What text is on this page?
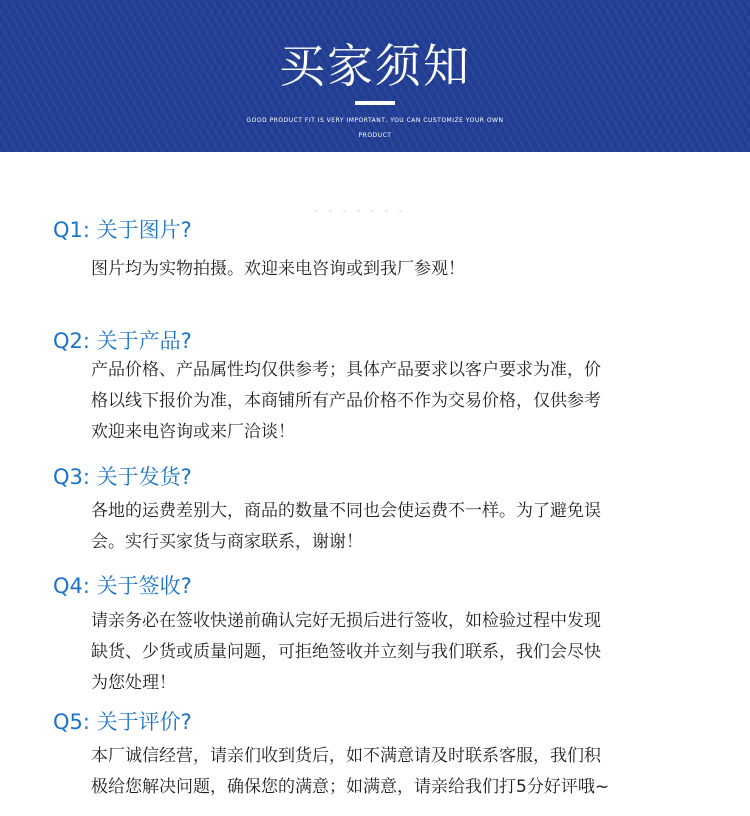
买家须知
GOOD PRODUCT FIT IS VERY IMPORTANT, YOU CAN CUSTOMIZE YOUR OWN
PRODUCT
Q1: 关于图片?
图片均为实物拍摄。欢迎来电咨询或到我厂参观！
Q2: 关于产品?
产品价格、产品属性均仅供参考；具体产品要求以客户要求为准，价
格以线下报价为准，本商铺所有产品价格不作为交易价格，仅供参考
欢迎来电咨询或来厂洽谈！
Q3: 关于发货?
各地的运费差别大，商品的数量不同也会使运费不一样。为了避免误
会。实行买家货与商家联系，谢谢！
Q4: 关于签收?
请亲务必在签收快递前确认完好无损后进行签收，如检验过程中发现
缺货、少货或质量问题，可拒绝签收并立刻与我们联系，我们会尽快
为您处理！
Q5: 关于评价?
本厂诚信经营，请亲们收到货后，如不满意请及时联系客服，我们积
极给您解决问题，确保您的满意；如满意，请亲给我们打5分好评哦~
